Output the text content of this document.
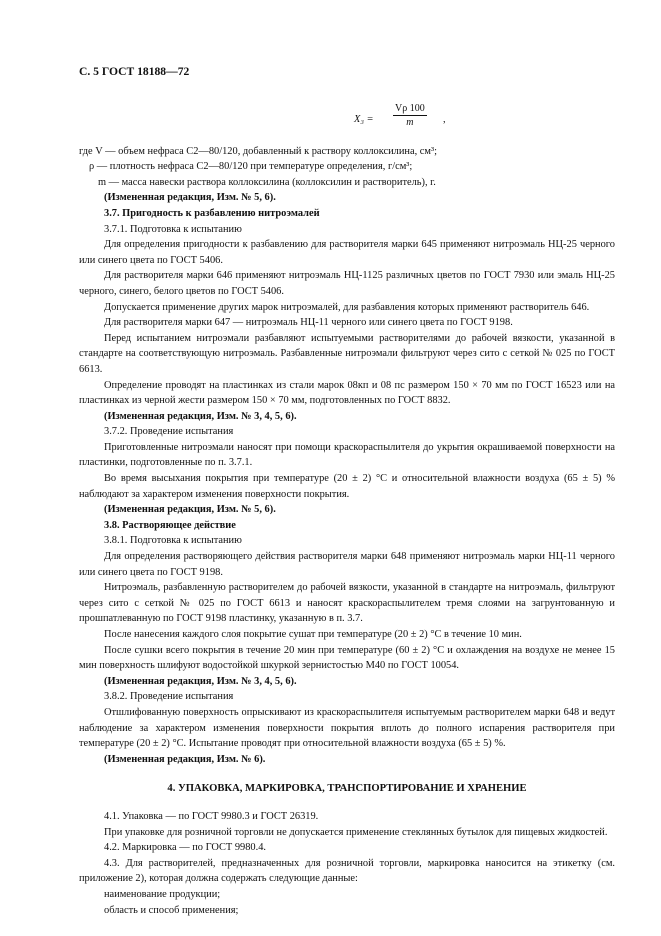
С. 5 ГОСТ 18188—72
$X_3 = \frac{V\rho 100}{m}$ ,

где V — объем нефраса С2—80/120, добавленный к раствору коллоксилина, см³;

ρ — плотность нефраса С2—80/120 при температуре определения, г/см³;

m — масса навески раствора коллоксилина (коллоксилин и растворитель), г.

(Измененная редакция, Изм. № 5, 6).

3.7. Пригодность к разбавлению нитроэмалей

3.7.1. Подготовка к испытанию

Для определения пригодности к разбавлению для растворителя марки 645 применяют нитроэмаль НЦ-25 черного или синего цвета по ГОСТ 5406.

Для растворителя марки 646 применяют нитроэмаль НЦ-1125 различных цветов по ГОСТ 7930 или эмаль НЦ-25 черного, синего, белого цветов по ГОСТ 5406.

Допускается применение других марок нитроэмалей, для разбавления которых применяют растворитель 646.

Для растворителя марки 647 — нитроэмаль НЦ-11 черного или синего цвета по ГОСТ 9198.

Перед испытанием нитроэмали разбавляют испытуемыми растворителями до рабочей вязкости, указанной в стандарте на соответствующую нитроэмаль. Разбавленные нитроэмали фильтруют через сито с сеткой № 025 по ГОСТ 6613.

Определение проводят на пластинках из стали марок 08кп и 08 пс размером 150 × 70 мм по ГОСТ 16523 или на пластинках из черной жести размером 150 × 70 мм, подготовленных по ГОСТ 8832.

(Измененная редакция, Изм. № 3, 4, 5, 6).

3.7.2. Проведение испытания

Приготовленные нитроэмали наносят при помощи краскораспылителя до укрытия окрашиваемой поверхности на пластинки, подготовленные по п. 3.7.1.

Во время высыхания покрытия при температуре (20 ± 2) °С и относительной влажности воздуха (65 ± 5) % наблюдают за характером изменения поверхности покрытия.

(Измененная редакция, Изм. № 5, 6).

3.8. Растворяющее действие

3.8.1. Подготовка к испытанию

Для определения растворяющего действия растворителя марки 648 применяют нитроэмаль марки НЦ-11 черного или синего цвета по ГОСТ 9198.

Нитроэмаль, разбавленную растворителем до рабочей вязкости, указанной в стандарте на нитроэмаль, фильтруют через сито с сеткой № 025 по ГОСТ 6613 и наносят краскораспылителем тремя слоями на загрунтованную и прошпатлеванную по ГОСТ 9198 пластинку, указанную в п. 3.7.

После нанесения каждого слоя покрытие сушат при температуре (20 ± 2) °С в течение 10 мин.

После сушки всего покрытия в течение 20 мин при температуре (60 ± 2) °С и охлаждения на воздухе не менее 15 мин поверхность шлифуют водостойкой шкуркой зернистостью М40 по ГОСТ 10054.

(Измененная редакция, Изм. № 3, 4, 5, 6).

3.8.2. Проведение испытания

Отшлифованную поверхность опрыскивают из краскораспылителя испытуемым растворителем марки 648 и ведут наблюдение за характером изменения поверхности покрытия вплоть до полного испарения растворителя при температуре (20 ± 2) °С. Испытание проводят при относительной влажности воздуха (65 ± 5) %.

(Измененная редакция, Изм. № 6).

4. УПАКОВКА, МАРКИРОВКА, ТРАНСПОРТИРОВАНИЕ И ХРАНЕНИЕ

4.1. Упаковка — по ГОСТ 9980.3 и ГОСТ 26319.

При упаковке для розничной торговли не допускается применение стеклянных бутылок для пищевых жидкостей.

4.2. Маркировка — по ГОСТ 9980.4.

4.3. Для растворителей, предназначенных для розничной торговли, маркировка наносится на этикетку (см. приложение 2), которая должна содержать следующие данные:

наименование продукции;

область и способ применения;
